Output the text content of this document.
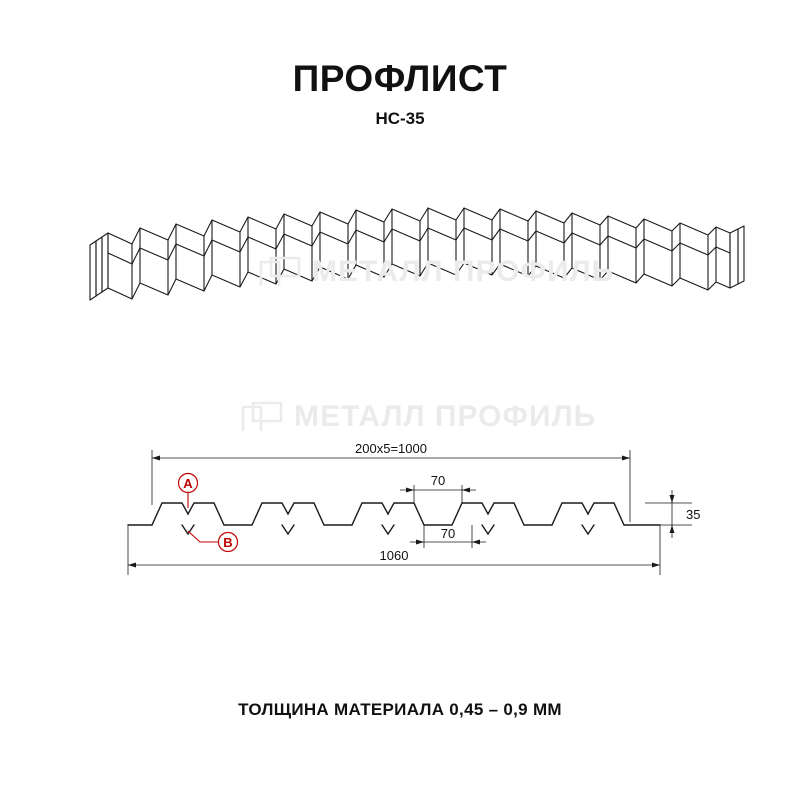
ПРОФЛИСТ
НС-35
МЕТАЛЛ ПРОФИЛЬ
МЕТАЛЛ ПРОФИЛЬ
200х5=1000
70
70
35
1060
A
B
ТОЛЩИНА МАТЕРИАЛА 0,45 – 0,9 ММ
